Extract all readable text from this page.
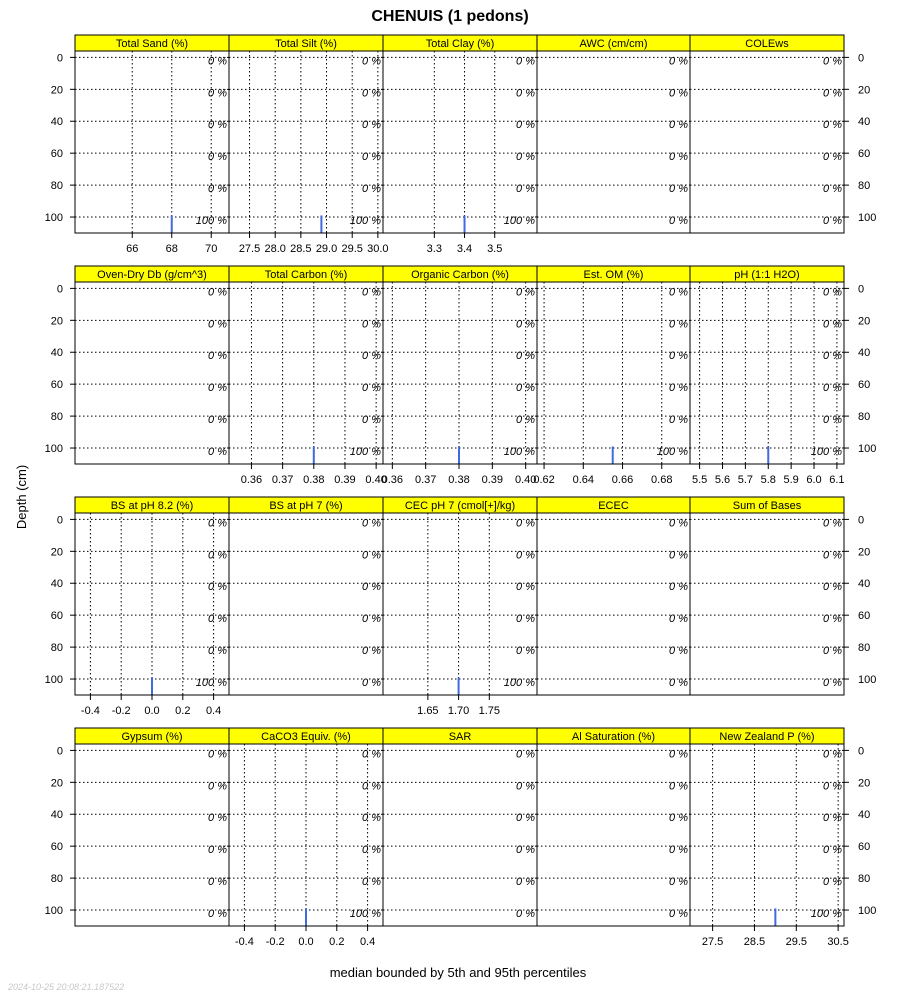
CHENUIS (1 pedons)
Depth (cm)
median bounded by 5th and 95th percentiles
2024-10-25 20:08:21.187522
Total Sand (%)
66 68 70
0 %
0 %
0 %
0 %
0 %
100 %
0
20
40
60
80
100
Total Silt (%)
27.5 28.0 28.5 29.0 29.5 30.0
0 %
0 %
0 %
0 %
0 %
100 %
Total Clay (%)
3.3 3.4 3.5
0 %
0 %
0 %
0 %
0 %
100 %
AWC (cm/cm)
0 %
0 %
0 %
0 %
0 %
0 %
COLEws
0 %
0 %
0 %
0 %
0 %
0 %
0
20
40
60
80
100
Oven-Dry Db (g/cm^3)
0 %
0 %
0 %
0 %
0 %
0 %
0
20
40
60
80
100
Total Carbon (%)
0.36 0.37 0.38 0.39 0.40
0 %
0 %
0 %
0 %
0 %
100 %
Organic Carbon (%)
0.36 0.37 0.38 0.39 0.40
0 %
0 %
0 %
0 %
0 %
100 %
Est. OM (%)
0.62 0.64 0.66 0.68
0 %
0 %
0 %
0 %
0 %
100 %
pH (1:1 H2O)
5.5 5.6 5.7 5.8 5.9 6.0 6.1
0 %
0 %
0 %
0 %
0 %
100 %
0
20
40
60
80
100
BS at pH 8.2 (%)
-0.4 -0.2 0.0 0.2 0.4
0 %
0 %
0 %
0 %
0 %
100 %
0
20
40
60
80
100
BS at pH 7 (%)
0 %
0 %
0 %
0 %
0 %
0 %
CEC pH 7 (cmol[+]/kg)
1.65 1.70 1.75
0 %
0 %
0 %
0 %
0 %
100 %
ECEC
0 %
0 %
0 %
0 %
0 %
0 %
Sum of Bases
0 %
0 %
0 %
0 %
0 %
0 %
0
20
40
60
80
100
Gypsum (%)
0 %
0 %
0 %
0 %
0 %
0 %
0
20
40
60
80
100
CaCO3 Equiv. (%)
-0.4 -0.2 0.0 0.2 0.4
0 %
0 %
0 %
0 %
0 %
100 %
SAR
0 %
0 %
0 %
0 %
0 %
0 %
Al Saturation (%)
0 %
0 %
0 %
0 %
0 %
0 %
New Zealand P (%)
27.5 28.5 29.5 30.5
0 %
0 %
0 %
0 %
0 %
100 %
0
20
40
60
80
100
